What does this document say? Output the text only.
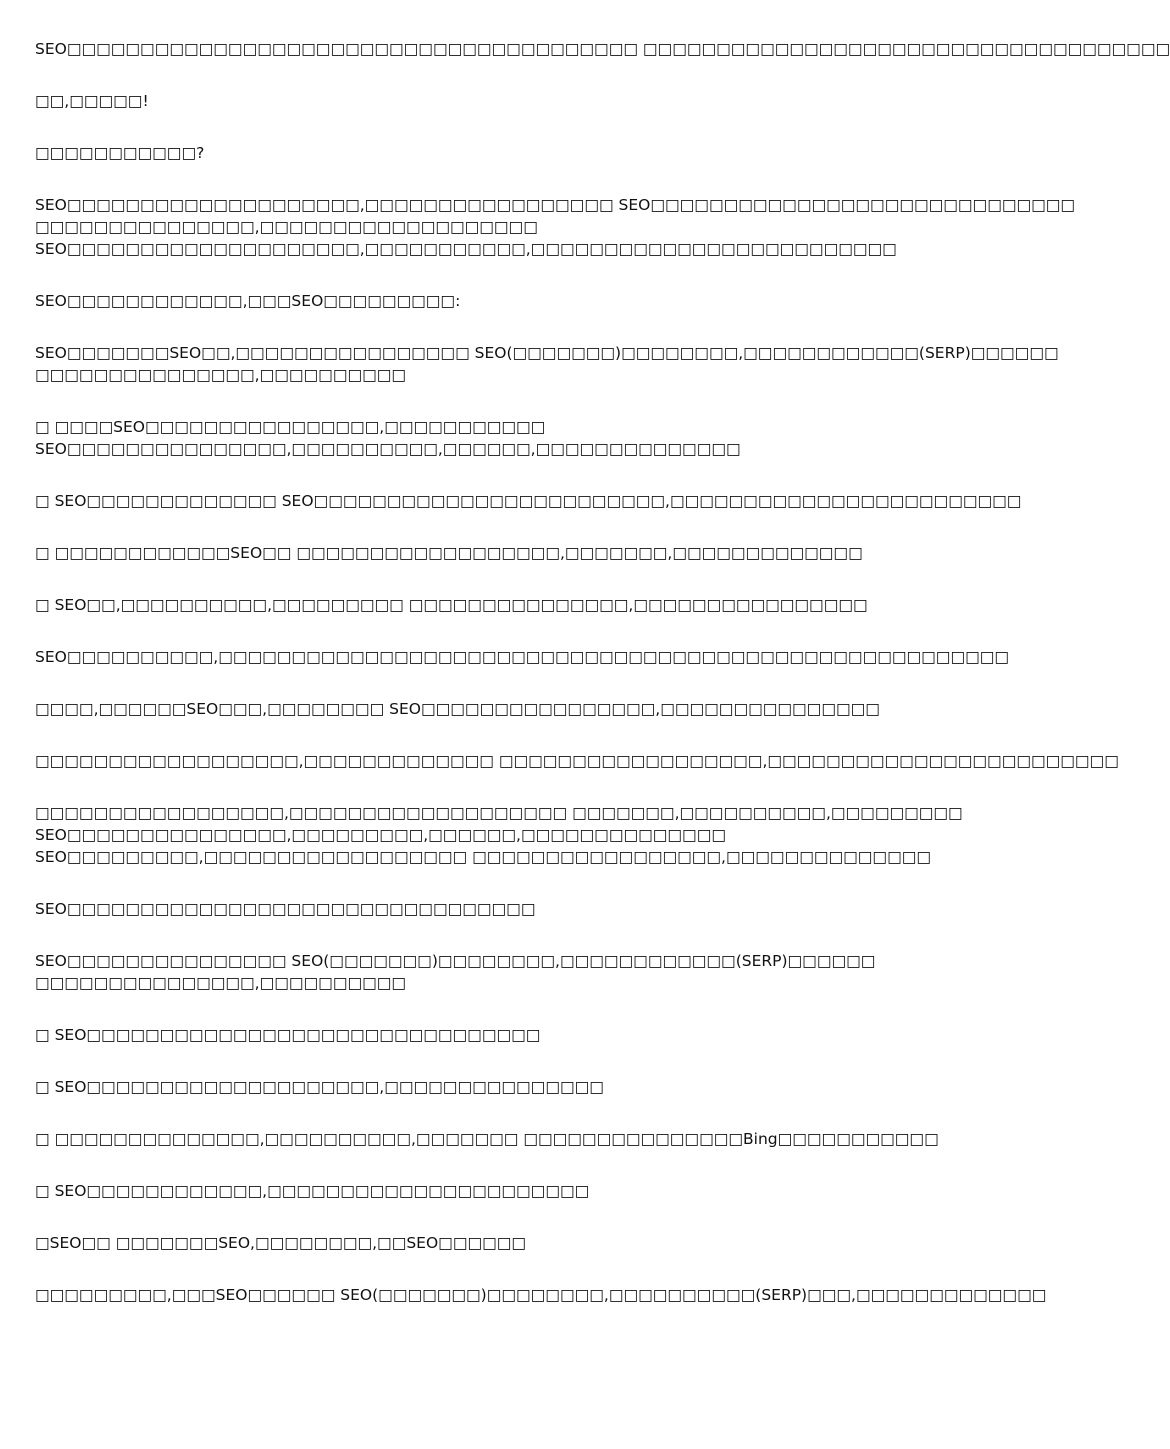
SEO□□□□□□□□□□□□□□□□□□□□□□□□□□□□□□□□□□□□□□□ □□□□□□□□□□□□□□□□□□□□□□□□□□□□□□□□□□□□
□□,□□□□□!
□□□□□□□□□□□?
SEO□□□□□□□□□□□□□□□□□□□□,□□□□□□□□□□□□□□□□□ SEO□□□□□□□□□□□□□□□□□□□□□□□□□□□□□
□□□□□□□□□□□□□□□,□□□□□□□□□□□□□□□□□□□
SEO□□□□□□□□□□□□□□□□□□□□,□□□□□□□□□□□,□□□□□□□□□□□□□□□□□□□□□□□□□
SEO□□□□□□□□□□□□,□□□SEO□□□□□□□□□:
SEO□□□□□□□SEO□□,□□□□□□□□□□□□□□□□ SEO(□□□□□□□)□□□□□□□□,□□□□□□□□□□□□(SERP)□□□□□□
□□□□□□□□□□□□□□□,□□□□□□□□□□
□ □□□□SEO□□□□□□□□□□□□□□□□,□□□□□□□□□□□
SEO□□□□□□□□□□□□□□□,□□□□□□□□□□,□□□□□□,□□□□□□□□□□□□□□
□ SEO□□□□□□□□□□□□□ SEO□□□□□□□□□□□□□□□□□□□□□□□□,□□□□□□□□□□□□□□□□□□□□□□□□
□ □□□□□□□□□□□□SEO□□ □□□□□□□□□□□□□□□□□□,□□□□□□□,□□□□□□□□□□□□□
□ SEO□□,□□□□□□□□□□,□□□□□□□□□ □□□□□□□□□□□□□□□,□□□□□□□□□□□□□□□□
SEO□□□□□□□□□□,□□□□□□□□□□□□□□□□□□□□□□□□□□□□□□□□□□□□□□□□□□□□□□□□□□□□□□
□□□□,□□□□□□SEO□□□,□□□□□□□□ SEO□□□□□□□□□□□□□□□□,□□□□□□□□□□□□□□□
□□□□□□□□□□□□□□□□□□,□□□□□□□□□□□□□ □□□□□□□□□□□□□□□□□□,□□□□□□□□□□□□□□□□□□□□□□□□
□□□□□□□□□□□□□□□□□,□□□□□□□□□□□□□□□□□□□ □□□□□□□,□□□□□□□□□□,□□□□□□□□□
SEO□□□□□□□□□□□□□□□,□□□□□□□□□,□□□□□□,□□□□□□□□□□□□□□
SEO□□□□□□□□□,□□□□□□□□□□□□□□□□□□ □□□□□□□□□□□□□□□□□,□□□□□□□□□□□□□□
SEO□□□□□□□□□□□□□□□□□□□□□□□□□□□□□□□□
SEO□□□□□□□□□□□□□□□ SEO(□□□□□□□)□□□□□□□□,□□□□□□□□□□□□(SERP)□□□□□□
□□□□□□□□□□□□□□□,□□□□□□□□□□
□ SEO□□□□□□□□□□□□□□□□□□□□□□□□□□□□□□□
□ SEO□□□□□□□□□□□□□□□□□□□□,□□□□□□□□□□□□□□□
□ □□□□□□□□□□□□□□,□□□□□□□□□□,□□□□□□□ □□□□□□□□□□□□□□□Bing□□□□□□□□□□□
□ SEO□□□□□□□□□□□□,□□□□□□□□□□□□□□□□□□□□□□
□SEO□□ □□□□□□□SEO,□□□□□□□□,□□SEO□□□□□□
□□□□□□□□□,□□□SEO□□□□□□ SEO(□□□□□□□)□□□□□□□□,□□□□□□□□□□(SERP)□□□,□□□□□□□□□□□□□
